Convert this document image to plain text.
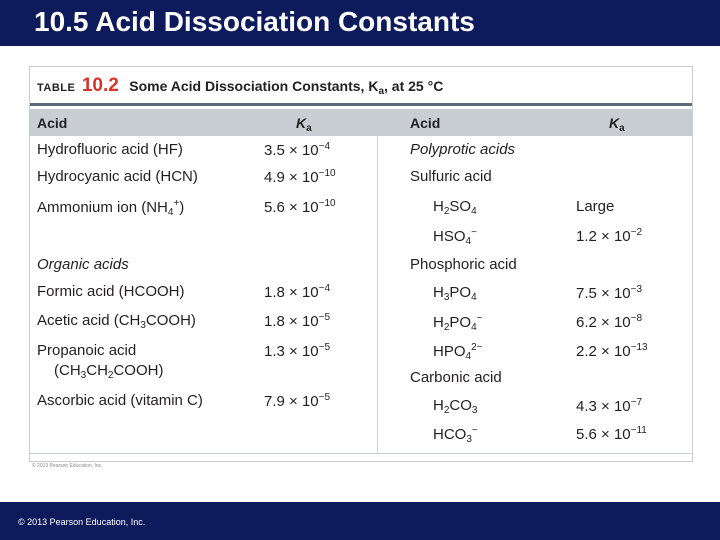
10.5 Acid Dissociation Constants
TABLE 10.2 Some Acid Dissociation Constants, $K_a$, at 25 °C
Acid	$K_a$	Acid	$K_a$
Hydrofluoric acid (HF)	$3.5 \times 10^{-4}$
Hydrocyanic acid (HCN)	$4.9 \times 10^{-10}$
Ammonium ion $(NH_4^+)$	$5.6 \times 10^{-10}$
Organic acids
Formic acid (HCOOH)	$1.8 \times 10^{-4}$
Acetic acid $(CH_3COOH)$	$1.8 \times 10^{-5}$
Propanoic acid	$1.3 \times 10^{-5}$
$(CH_3CH_2COOH)$
Ascorbic acid (vitamin C)	$7.9 \times 10^{-5}$
Polyprotic acids
Sulfuric acid
$H_2SO_4$	Large
$HSO_4^-$	$1.2 \times 10^{-2}$
Phosphoric acid
$H_3PO_4$	$7.5 \times 10^{-3}$
$H_2PO_4^-$	$6.2 \times 10^{-8}$
$HPO_4^{2-}$	$2.2 \times 10^{-13}$
Carbonic acid
$H_2CO_3$	$4.3 \times 10^{-7}$
$HCO_3^-$	$5.6 \times 10^{-11}$
© 2013 Pearson Education, Inc.
© 2013 Pearson Education, Inc.
